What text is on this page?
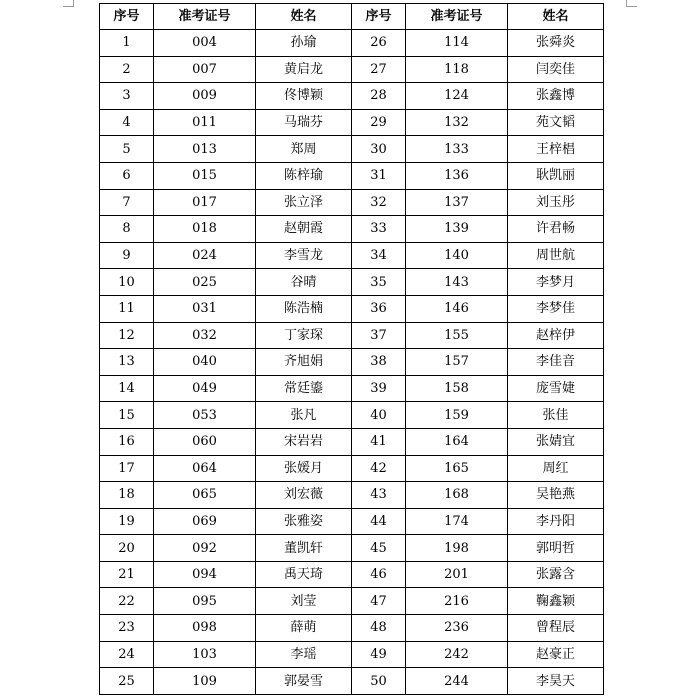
序号	准考证号	姓名	序号	准考证号	姓名
1	004	孙瑜	26	114	张舜炎
2	007	黄启龙	27	118	闫奕佳
3	009	佟博颖	28	124	张鑫博
4	011	马瑞芬	29	132	苑文韬
5	013	郑周	30	133	王梓椙
6	015	陈梓瑜	31	136	耿凯丽
7	017	张立泽	32	137	刘玉彤
8	018	赵朝霞	33	139	许君畅
9	024	李雪龙	34	140	周世航
10	025	谷晴	35	143	李梦月
11	031	陈浩楠	36	146	李梦佳
12	032	丁家琛	37	155	赵梓伊
13	040	齐旭娟	38	157	李佳音
14	049	常廷鎏	39	158	庞雪婕
15	053	张凡	40	159	张佳
16	060	宋岩岩	41	164	张婧宜
17	064	张媛月	42	165	周红
18	065	刘宏薇	43	168	吴艳燕
19	069	张雅姿	44	174	李丹阳
20	092	董凯轩	45	198	郭明哲
21	094	禹天琦	46	201	张露含
22	095	刘莹	47	216	鞠鑫颖
23	098	薛萌	48	236	曾程辰
24	103	李瑶	49	242	赵豪正
25	109	郭晏雪	50	244	李昊天
